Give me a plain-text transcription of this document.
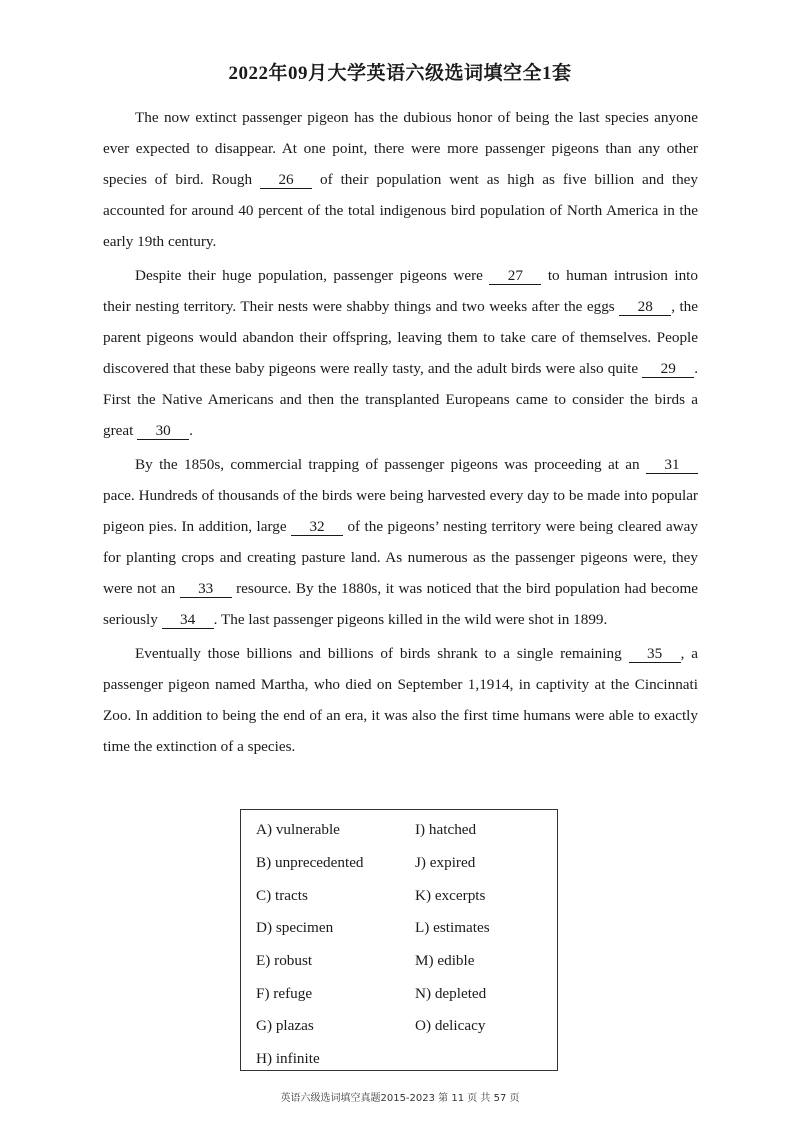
2022年09月大学英语六级选词填空全1套

The now extinct passenger pigeon has the dubious honor of being the last species anyone ever expected to disappear. At one point, there were more passenger pigeons than any other species of bird. Rough 26 of their population went as high as five billion and they accounted for around 40 percent of the total indigenous bird population of North America in the early 19th century.

Despite their huge population, passenger pigeons were 27 to human intrusion into their nesting territory. Their nests were shabby things and two weeks after the eggs 28 , the parent pigeons would abandon their offspring, leaving them to take care of themselves. People discovered that these baby pigeons were really tasty, and the adult birds were also quite 29 . First the Native Americans and then the transplanted Europeans came to consider the birds a great 30 .

By the 1850s, commercial trapping of passenger pigeons was proceeding at an 31 pace. Hundreds of thousands of the birds were being harvested every day to be made into popular pigeon pies. In addition, large 32 of the pigeons’ nesting territory were being cleared away for planting crops and creating pasture land. As numerous as the passenger pigeons were, they were not an 33 resource. By the 1880s, it was noticed that the bird population had become seriously 34 . The last passenger pigeons killed in the wild were shot in 1899.

Eventually those billions and billions of birds shrank to a single remaining 35 , a passenger pigeon named Martha, who died on September 1,1914, in captivity at the Cincinnati Zoo. In addition to being the end of an era, it was also the first time humans were able to exactly time the extinction of a species.

A) vulnerable	I) hatched
B) unprecedented	J) expired
C) tracts	K) excerpts
D) specimen	L) estimates
E) robust	M) edible
F) refuge	N) depleted
G) plazas	O) delicacy
H) infinite
英语六级选词填空真题2015-2023 第 11 页 共 57 页
